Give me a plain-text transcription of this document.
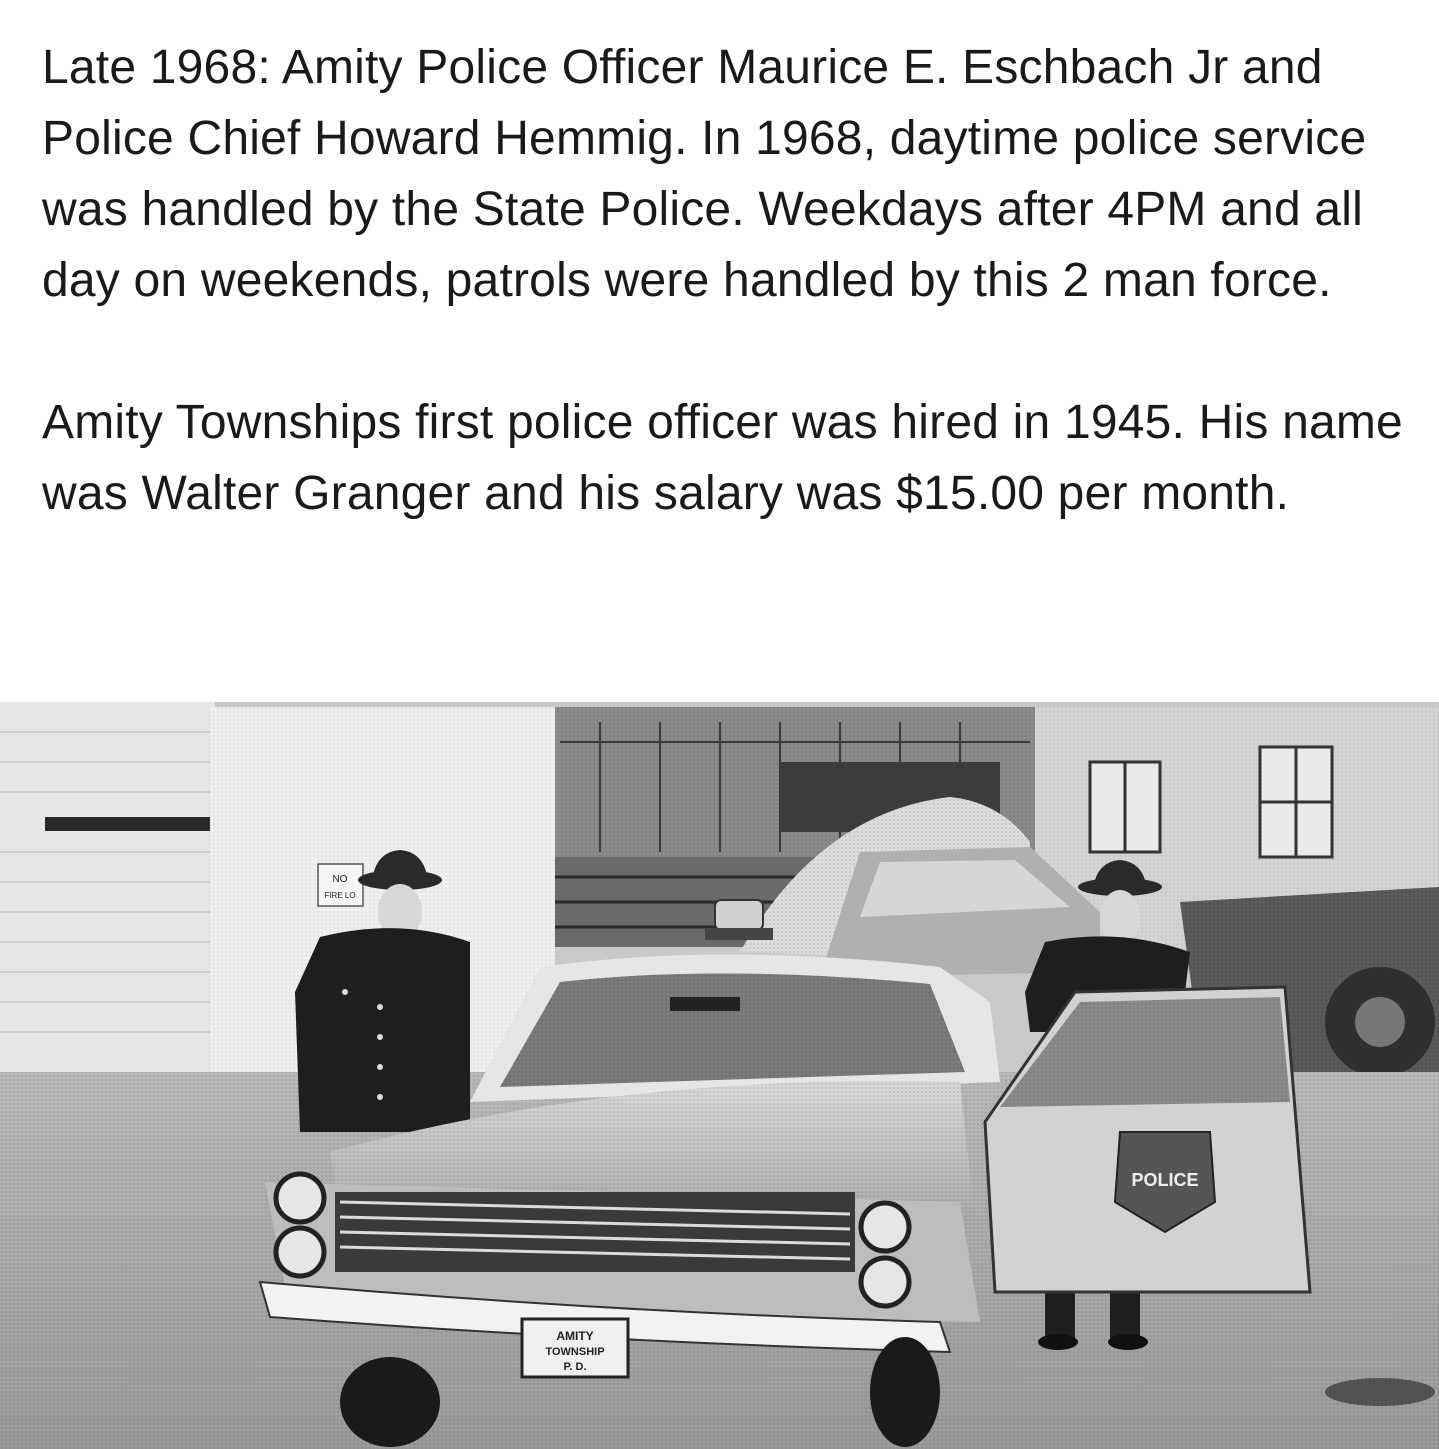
Late 1968: Amity Police Officer Maurice E. Eschbach Jr and Police Chief Howard Hemmig. In 1968, daytime police service was handled by the State Police. Weekdays after 4PM and all day on weekends, patrols were handled by this 2 man force.

Amity Townships first police officer was hired in 1945. His name was Walter Granger and his salary was $15.00 per month.

NO
FIRE LO
AMITY
TOWNSHIP
P. D.
POLICE
